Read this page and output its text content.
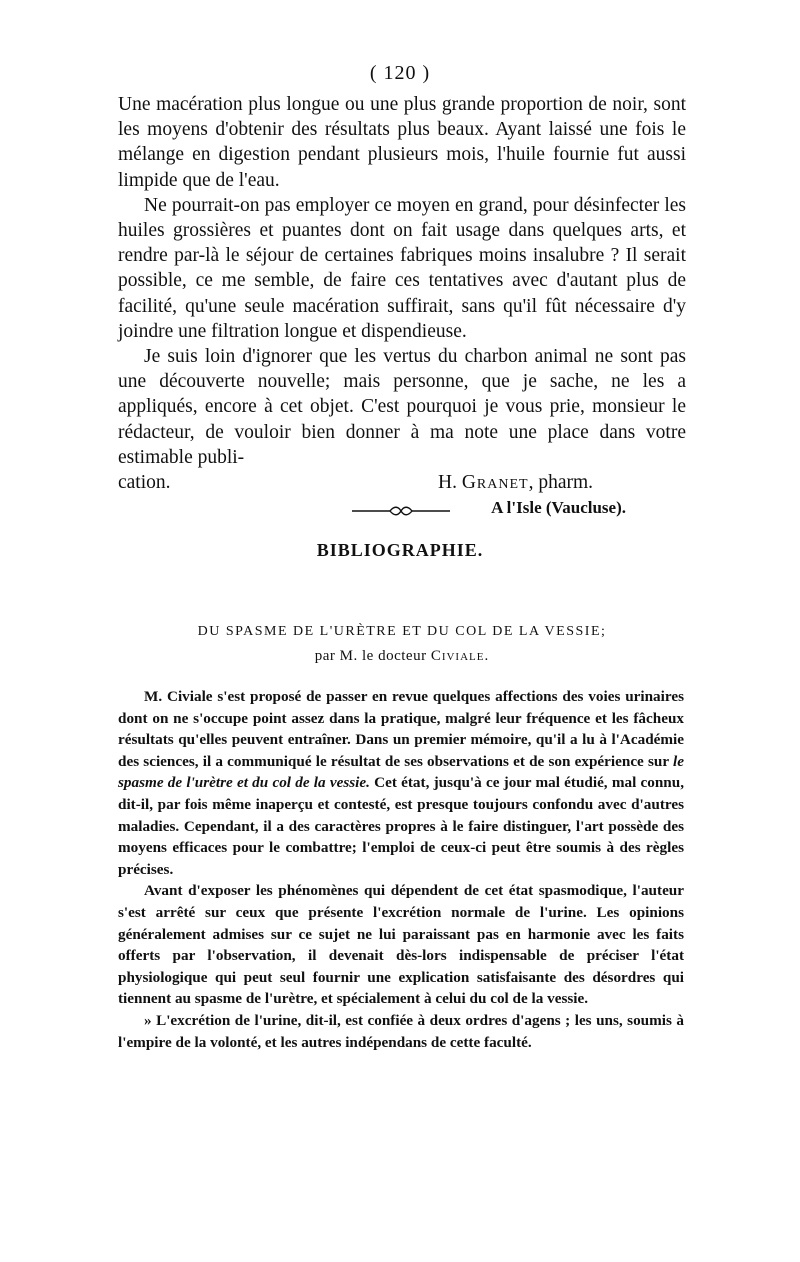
( 120 )

Une macération plus longue ou une plus grande proportion de noir, sont les moyens d'obtenir des résultats plus beaux. Ayant laissé une fois le mélange en digestion pendant plusieurs mois, l'huile fournie fut aussi limpide que de l'eau.

Ne pourrait-on pas employer ce moyen en grand, pour désinfecter les huiles grossières et puantes dont on fait usage dans quelques arts, et rendre par-là le séjour de certaines fabriques moins insalubre ? Il serait possible, ce me semble, de faire ces tentatives avec d'autant plus de facilité, qu'une seule macération suffirait, sans qu'il fût nécessaire d'y joindre une filtration longue et dispendieuse.

Je suis loin d'ignorer que les vertus du charbon animal ne sont pas une découverte nouvelle; mais personne, que je sache, ne les a appliqués, encore à cet objet. C'est pourquoi je vous prie, monsieur le rédacteur, de vouloir bien donner à ma note une place dans votre estimable publi-

cation.	H. Granet, pharm.
A l'Isle (Vaucluse).
BIBLIOGRAPHIE.
DU SPASME DE L'URÈTRE ET DU COL DE LA VESSIE;
par M. le docteur Civiale.

M. Civiale s'est proposé de passer en revue quelques affections des voies urinaires dont on ne s'occupe point assez dans la pratique, malgré leur fréquence et les fâcheux résultats qu'elles peuvent entraîner. Dans un premier mémoire, qu'il a lu à l'Académie des sciences, il a communiqué le résultat de ses observations et de son expérience sur le spasme de l'urètre et du col de la vessie. Cet état, jusqu'à ce jour mal étudié, mal connu, dit-il, par fois même inaperçu et contesté, est presque toujours confondu avec d'autres maladies. Cependant, il a des caractères propres à le faire distinguer, l'art possède des moyens efficaces pour le combattre; l'emploi de ceux-ci peut être soumis à des règles précises.

Avant d'exposer les phénomènes qui dépendent de cet état spasmodique, l'auteur s'est arrêté sur ceux que présente l'excrétion normale de l'urine. Les opinions généralement admises sur ce sujet ne lui paraissant pas en harmonie avec les faits offerts par l'observation, il devenait dès-lors indispensable de préciser l'état physiologique qui peut seul fournir une explication satisfaisante des désordres qui tiennent au spasme de l'urètre, et spécialement à celui du col de la vessie.

» L'excrétion de l'urine, dit-il, est confiée à deux ordres d'agens ; les uns, soumis à l'empire de la volonté, et les autres indépendans de cette faculté.
